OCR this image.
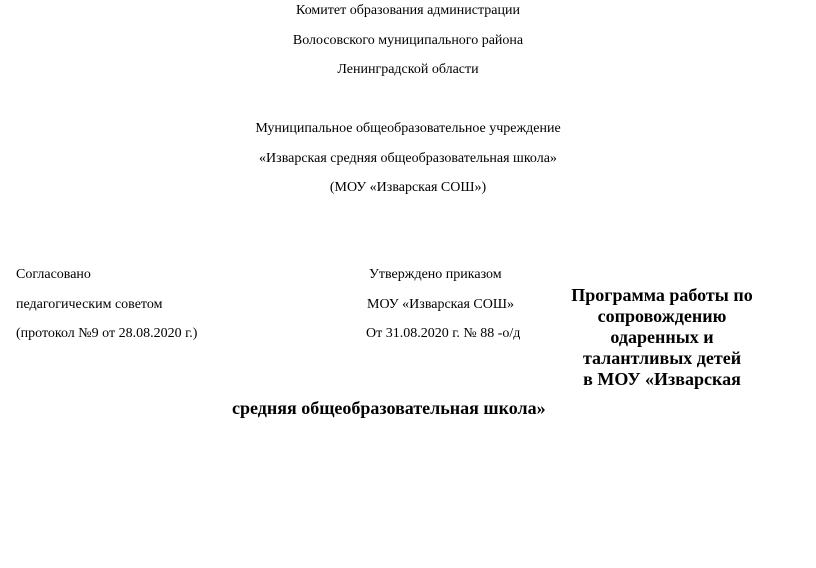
Комитет образования администрации
Волосовского муниципального района
Ленинградской области
Муниципальное общеобразовательное учреждение
«Изварская средняя общеобразовательная школа»
(МОУ «Изварская СОШ»)
Согласовано
педагогическим советом
(протокол №9 от 28.08.2020 г.)
Утверждено приказом
МОУ «Изварская СОШ»
От 31.08.2020 г. № 88 -о/д
Программа работы по
сопровождению
одаренных и
талантливых детей
в МОУ «Изварская
средняя общеобразовательная школа»
